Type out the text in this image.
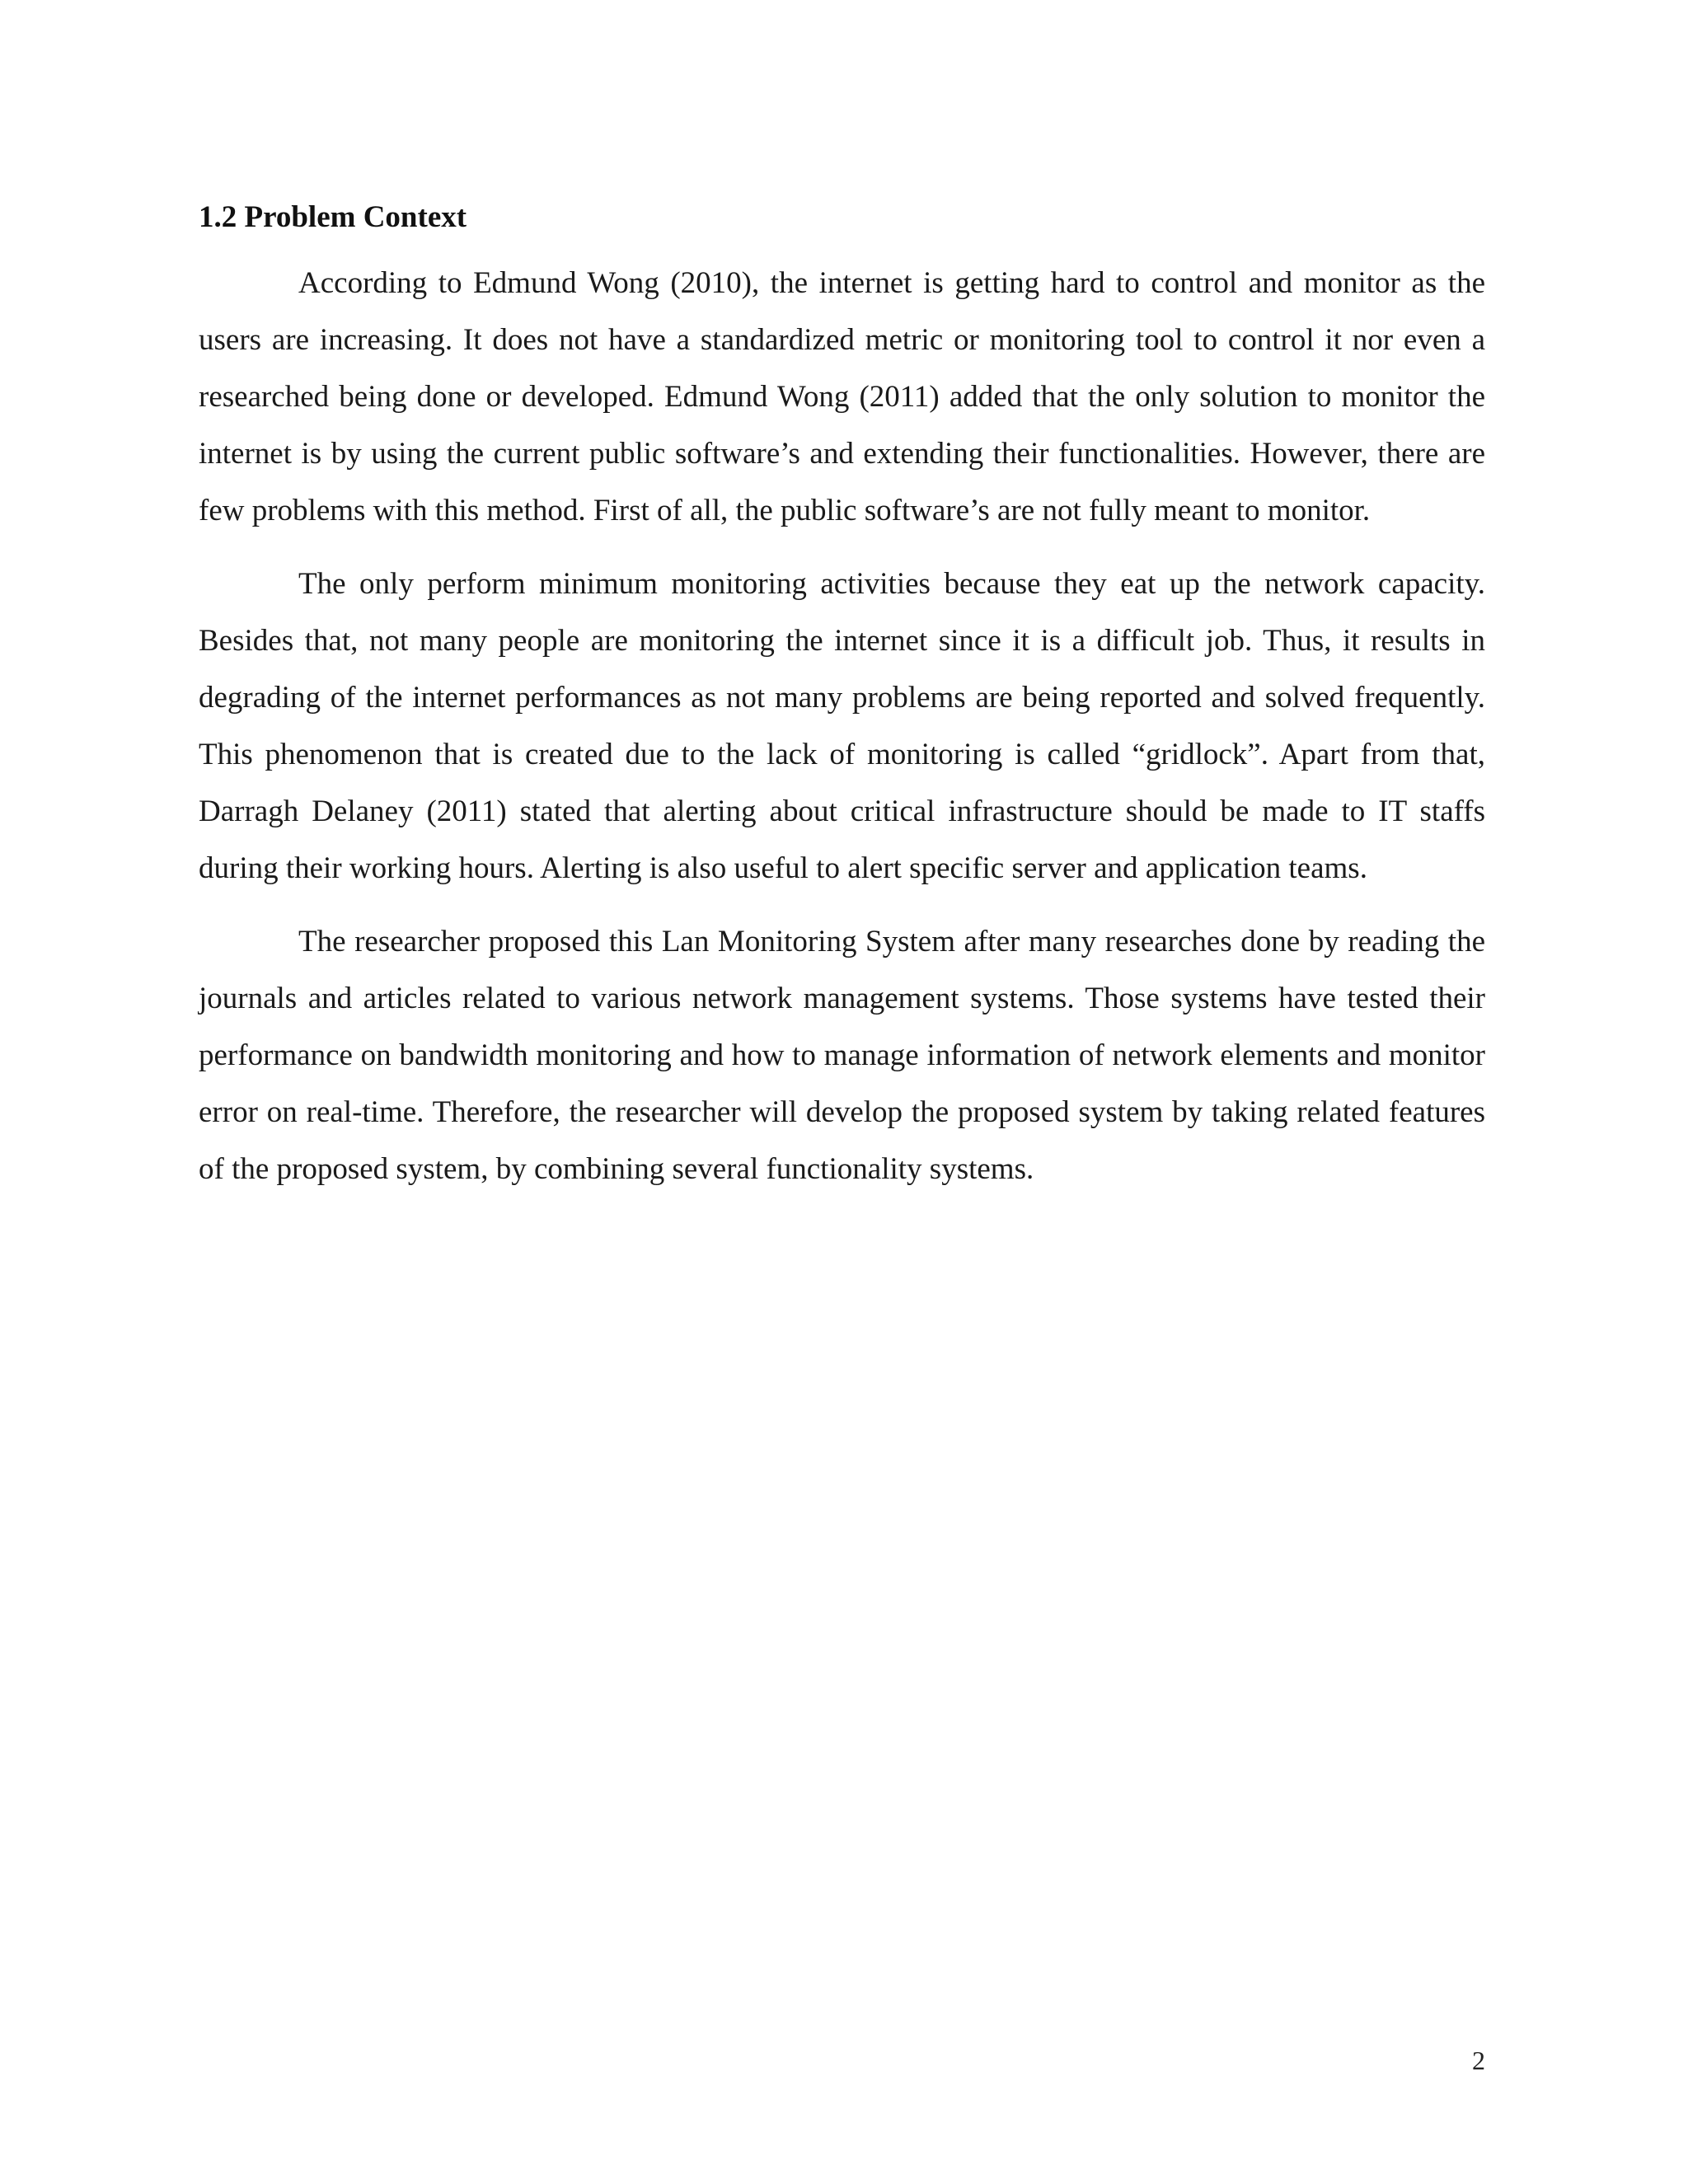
1.2 Problem Context

According to Edmund Wong (2010), the internet is getting hard to control and monitor as the users are increasing. It does not have a standardized metric or monitoring tool to control it nor even a researched being done or developed. Edmund Wong (2011) added that the only solution to monitor the internet is by using the current public software’s and extending their functionalities. However, there are few problems with this method. First of all, the public software’s are not fully meant to monitor.

The only perform minimum monitoring activities because they eat up the network capacity. Besides that, not many people are monitoring the internet since it is a difficult job. Thus, it results in degrading of the internet performances as not many problems are being reported and solved frequently. This phenomenon that is created due to the lack of monitoring is called “gridlock”. Apart from that, Darragh Delaney (2011) stated that alerting about critical infrastructure should be made to IT staffs during their working hours. Alerting is also useful to alert specific server and application teams.

The researcher proposed this Lan Monitoring System after many researches done by reading the journals and articles related to various network management systems. Those systems have tested their performance on bandwidth monitoring and how to manage information of network elements and monitor error on real-time. Therefore, the researcher will develop the proposed system by taking related features of the proposed system, by combining several functionality systems.

2
